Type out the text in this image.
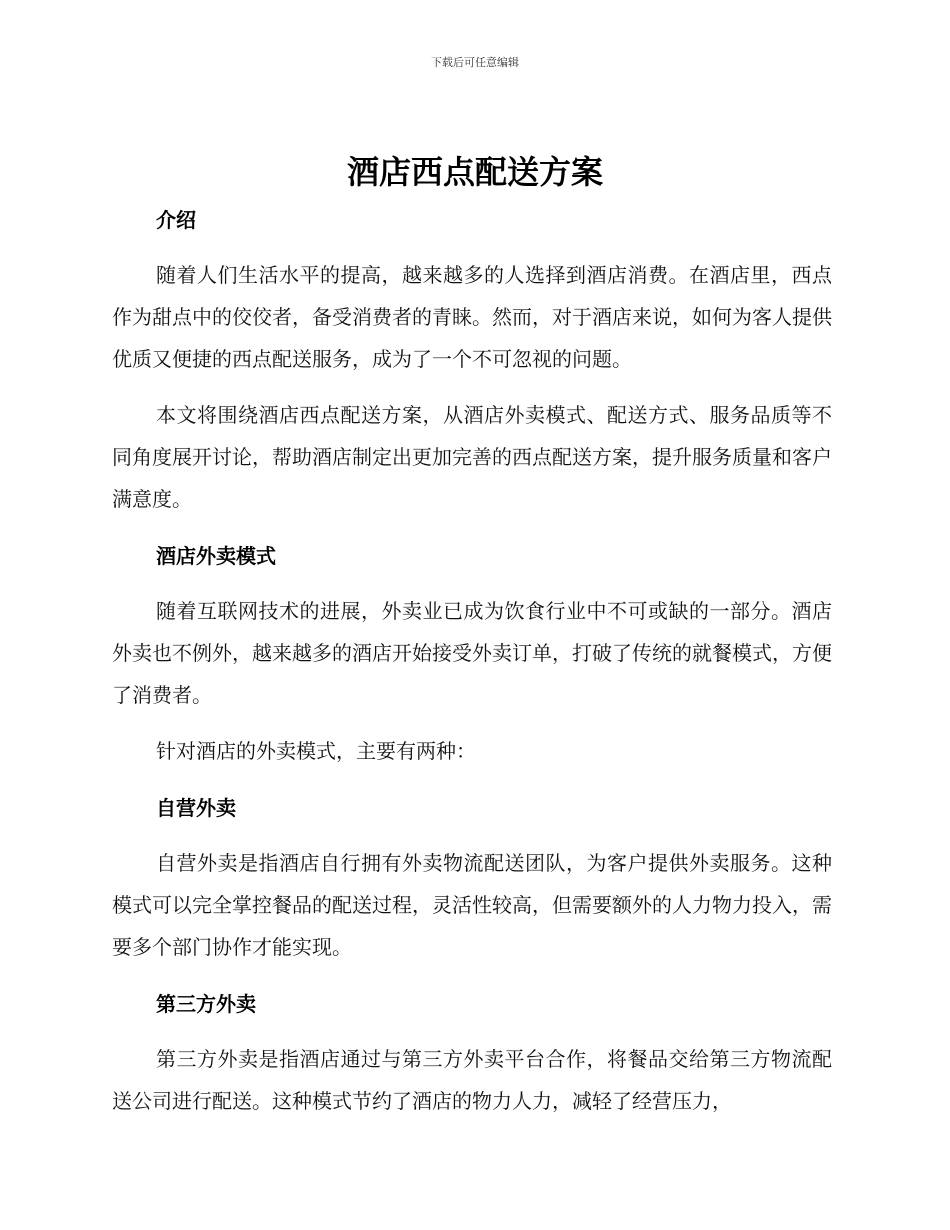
下载后可任意编辑
酒店西点配送方案
介绍

随着人们生活水平的提高，越来越多的人选择到酒店消费。在酒店里，西点作为甜点中的佼佼者，备受消费者的青睐。然而，对于酒店来说，如何为客人提供优质又便捷的西点配送服务，成为了一个不可忽视的问题。

本文将围绕酒店西点配送方案，从酒店外卖模式、配送方式、服务品质等不同角度展开讨论，帮助酒店制定出更加完善的西点配送方案，提升服务质量和客户满意度。

酒店外卖模式

随着互联网技术的进展，外卖业已成为饮食行业中不可或缺的一部分。酒店外卖也不例外，越来越多的酒店开始接受外卖订单，打破了传统的就餐模式，方便了消费者。

针对酒店的外卖模式，主要有两种：

自营外卖

自营外卖是指酒店自行拥有外卖物流配送团队，为客户提供外卖服务。这种模式可以完全掌控餐品的配送过程，灵活性较高，但需要额外的人力物力投入，需要多个部门协作才能实现。

第三方外卖

第三方外卖是指酒店通过与第三方外卖平台合作，将餐品交给第三方物流配送公司进行配送。这种模式节约了酒店的物力人力，减轻了经营压力，
